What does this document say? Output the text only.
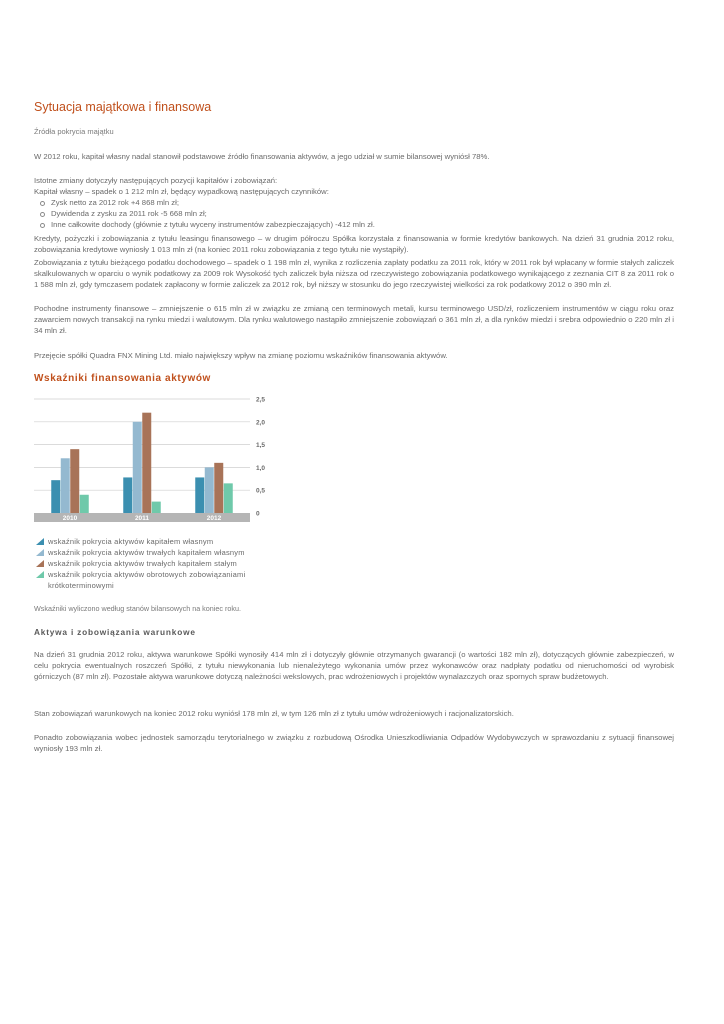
Sytuacja majątkowa i finansowa
Źródła pokrycia majątku

W 2012 roku, kapitał własny nadal stanowił podstawowe źródło finansowania aktywów, a jego udział w sumie bilansowej wyniósł 78%.

Istotne zmiany dotyczyły następujących pozycji kapitałów i zobowiązań:

Kapitał własny – spadek o 1 212 mln zł, będący wypadkową następujących czynników:

Zysk netto za 2012 rok +4 868 mln zł;
Dywidenda z zysku za 2011 rok -5 668 mln zł;
Inne całkowite dochody (głównie z tytułu wyceny instrumentów zabezpieczających) -412 mln zł.

Kredyty, pożyczki i zobowiązania z tytułu leasingu finansowego – w drugim półroczu Spółka korzystała z finansowania w formie kredytów bankowych. Na dzień 31 grudnia 2012 roku, zobowiązania kredytowe wyniosły 1 013 mln zł (na koniec 2011 roku zobowiązania z tego tytułu nie wystąpiły).

Zobowiązania z tytułu bieżącego podatku dochodowego – spadek o 1 198 mln zł, wynika z rozliczenia zapłaty podatku za 2011 rok, który w 2011 rok był wpłacany w formie stałych zaliczek skalkulowanych w oparciu o wynik podatkowy za 2009 rok Wysokość tych zaliczek była niższa od rzeczywistego zobowiązania podatkowego wynikającego z zeznania CIT 8 za 2011 rok o 1 588 mln zł, gdy tymczasem podatek zapłacony w formie zaliczek za 2012 rok, był niższy w stosunku do jego rzeczywistej wielkości za rok podatkowy 2012 o 390 mln zł.

Pochodne instrumenty finansowe – zmniejszenie o 615 mln zł w związku ze zmianą cen terminowych metali, kursu terminowego USD/zł, rozliczeniem instrumentów w ciągu roku oraz zawarciem nowych transakcji na rynku miedzi i walutowym. Dla rynku walutowego nastąpiło zmniejszenie zobowiązań o 361 mln zł, a dla rynków miedzi i srebra odpowiednio o 220 mln zł i 34 mln zł.

Przejęcie spółki Quadra FNX Mining Ltd. miało największy wpływ na zmianę poziomu wskaźników finansowania aktywów.

Wskaźniki finansowania aktywów
0
0,5
1,0
1,5
2,0
2,5
2010	2011	2012
wskaźnik pokrycia aktywów kapitałem własnym
wskaźnik pokrycia aktywów trwałych kapitałem własnym
wskaźnik pokrycia aktywów trwałych kapitałem stałym
wskaźnik pokrycia aktywów obrotowych zobowiązaniami krótkoterminowymi
Wskaźniki wyliczono według stanów bilansowych na koniec roku.
Aktywa i zobowiązania warunkowe

Na dzień 31 grudnia 2012 roku, aktywa warunkowe Spółki wynosiły 414 mln zł i dotyczyły głównie otrzymanych gwarancji (o wartości 182 mln zł), dotyczących głównie zabezpieczeń, w celu pokrycia ewentualnych roszczeń Spółki, z tytułu niewykonania lub nienależytego wykonania umów przez wykonawców oraz nadpłaty podatku od nieruchomości od wyrobisk górniczych (87 mln zł). Pozostałe aktywa warunkowe dotyczą należności wekslowych, prac wdrożeniowych i projektów wynalazczych oraz spornych spraw budżetowych.

Stan zobowiązań warunkowych na koniec 2012 roku wyniósł 178 mln zł, w tym 126 mln zł z tytułu umów wdrożeniowych i racjonalizatorskich.

Ponadto zobowiązania wobec jednostek samorządu terytorialnego w związku z rozbudową Ośrodka Unieszkodliwiania Odpadów Wydobywczych w sprawozdaniu z sytuacji finansowej wyniosły 193 mln zł.
